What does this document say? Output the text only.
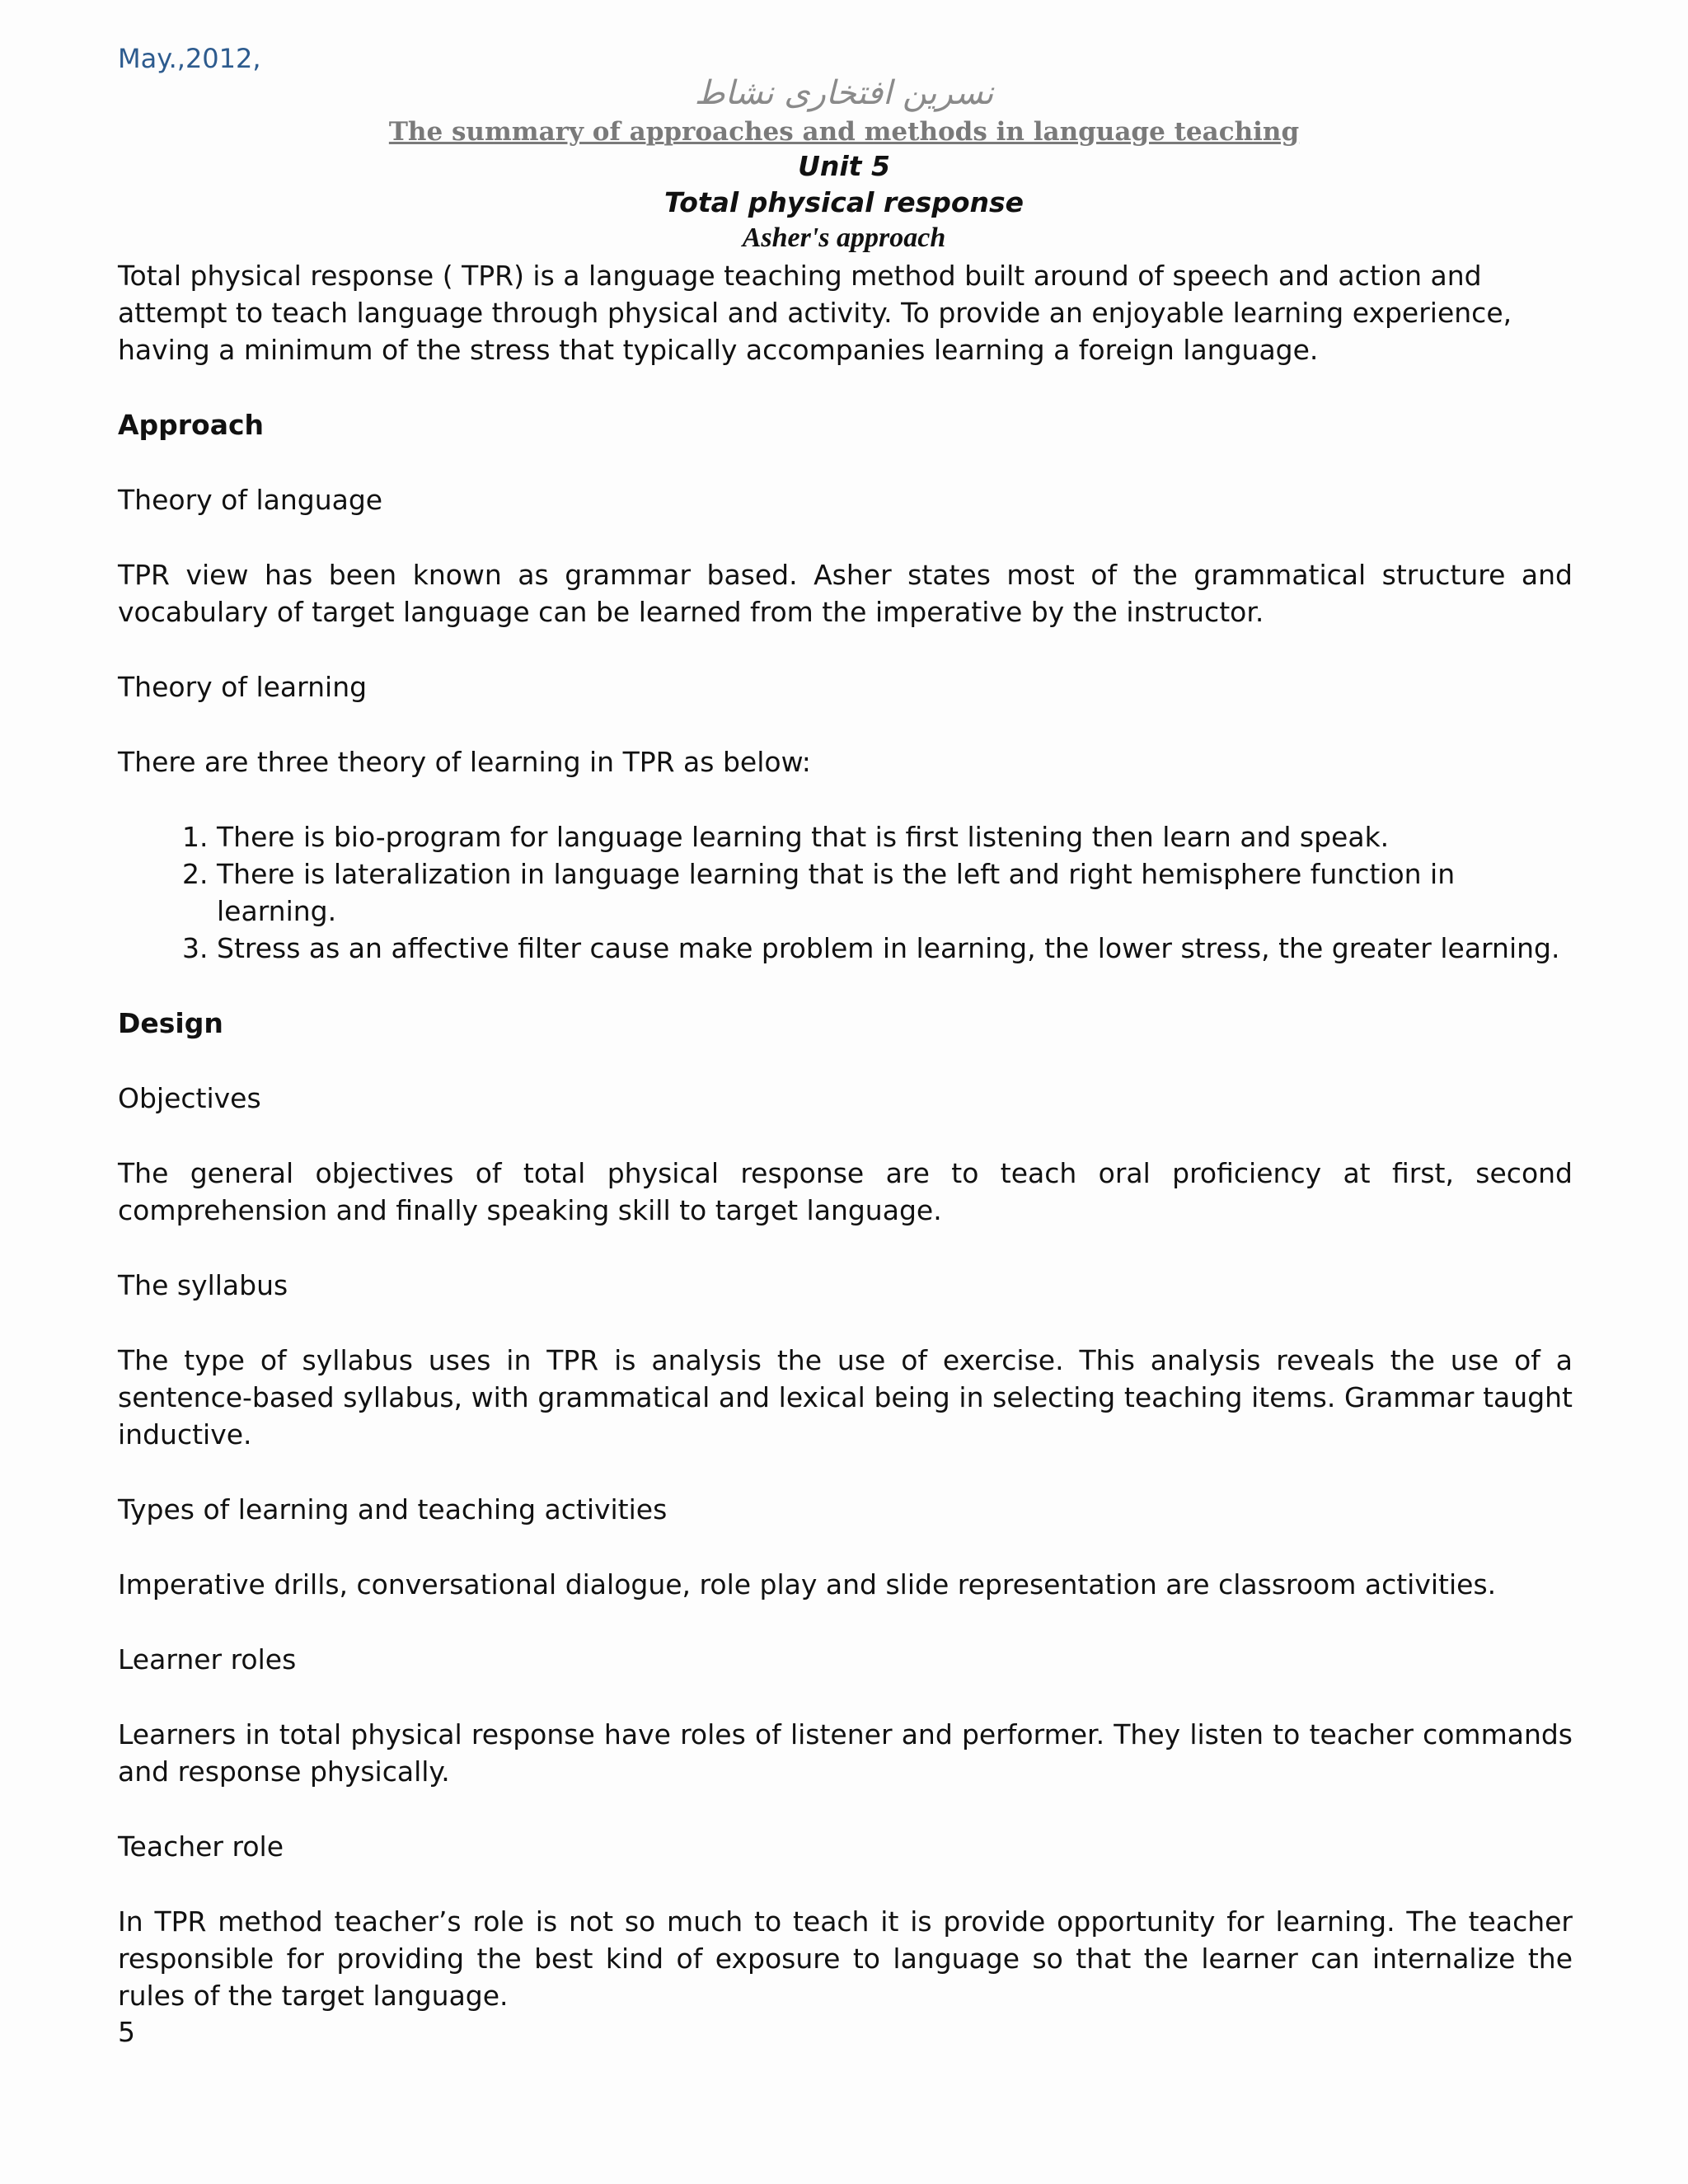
May.,2012,
نسرین افتخاری نشاط
The summary of approaches and methods in language teaching
Unit 5
Total physical response
Asher's approach

Total physical response ( TPR) is a language teaching method built around of speech and action and attempt to teach language through physical and activity. To provide an enjoyable learning experience, having a minimum of the stress that typically accompanies learning a foreign language.

Approach

Theory of language

TPR view has been known as grammar based. Asher states most of the grammatical structure and vocabulary of target language can be learned from the imperative by the instructor.

Theory of learning

There are three theory of learning in TPR as below:

1. There is bio-program for language learning that is first listening then learn and speak.
2. There is lateralization in language learning that is the left and right hemisphere function in learning.
3. Stress as an affective filter cause make problem in learning, the lower stress, the greater learning.

Design

Objectives

The general objectives of total physical response are to teach oral proficiency at first, second comprehension and finally speaking skill to target language.

The syllabus

The type of syllabus uses in TPR is analysis the use of exercise. This analysis reveals the use of a sentence-based syllabus, with grammatical and lexical being in selecting teaching items. Grammar taught inductive.

Types of learning and teaching activities

Imperative drills, conversational dialogue, role play and slide representation are classroom activities.

Learner roles

Learners in total physical response have roles of listener and performer. They listen to teacher commands and response physically.

Teacher role

In TPR method teacher’s role is not so much to teach it is provide opportunity for learning. The teacher responsible for providing the best kind of exposure to language so that the learner can internalize the rules of the target language.

5
